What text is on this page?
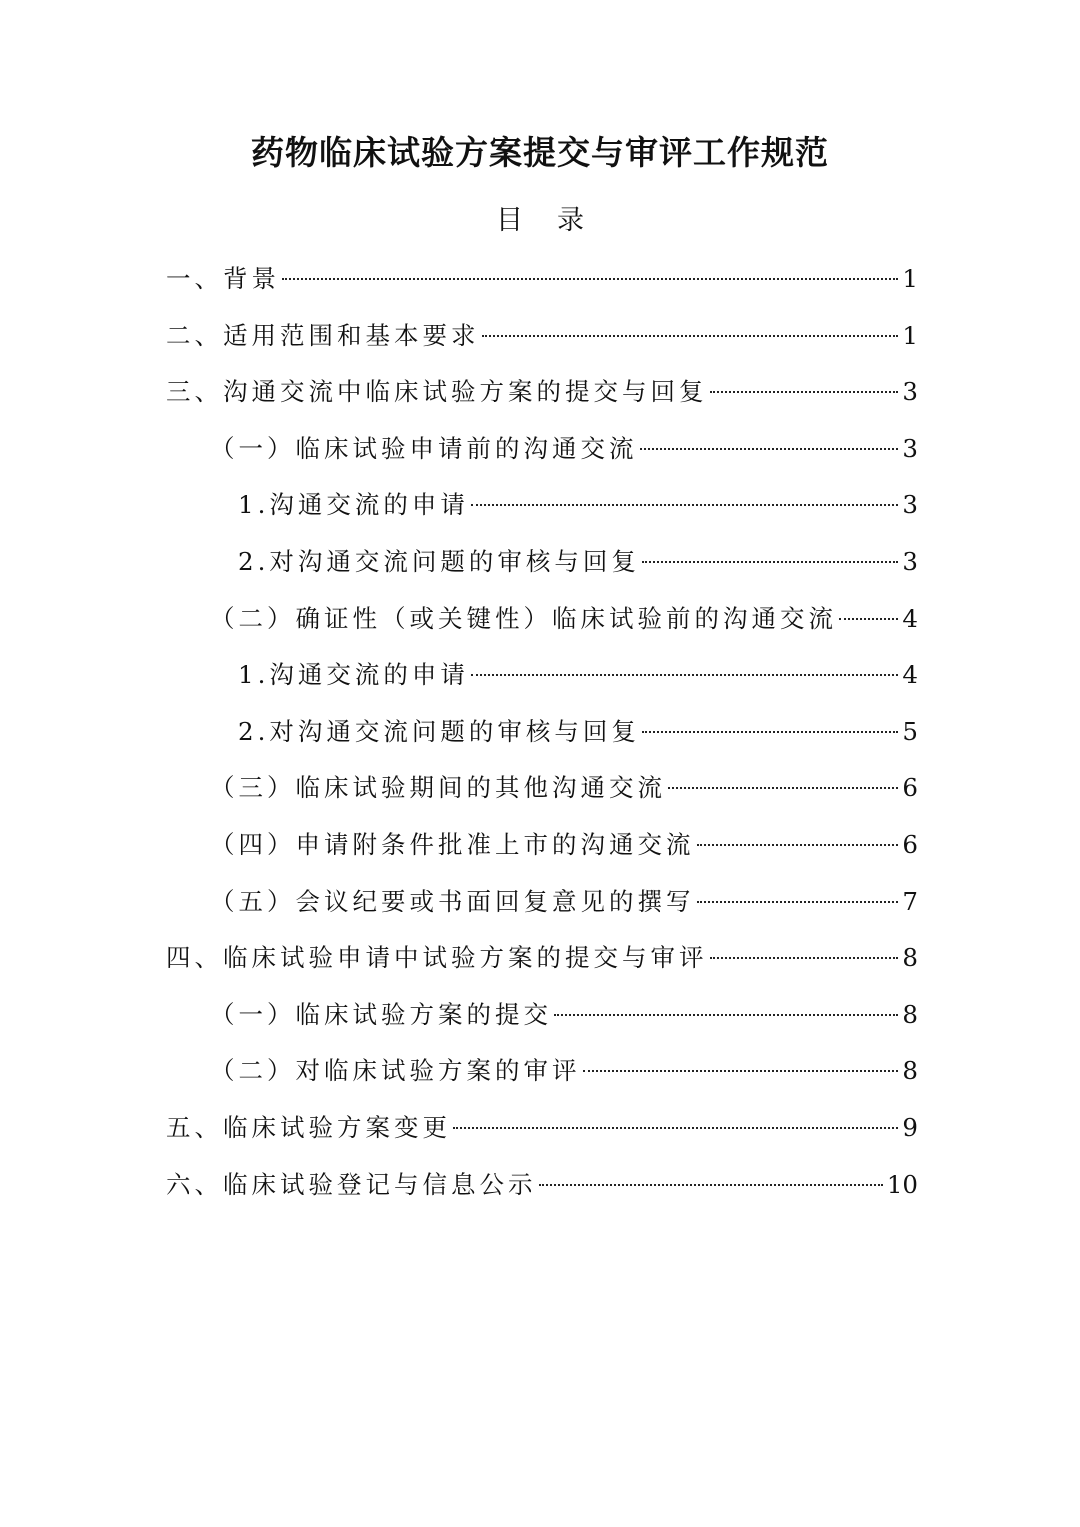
药物临床试验方案提交与审评工作规范
目录
一、背景	1
二、适用范围和基本要求	1
三、沟通交流中临床试验方案的提交与回复	3
（一）临床试验申请前的沟通交流	3
1.沟通交流的申请	3
2.对沟通交流问题的审核与回复	3
（二）确证性（或关键性）临床试验前的沟通交流	4
1.沟通交流的申请	4
2.对沟通交流问题的审核与回复	5
（三）临床试验期间的其他沟通交流	6
（四）申请附条件批准上市的沟通交流	6
（五）会议纪要或书面回复意见的撰写	7
四、临床试验申请中试验方案的提交与审评	8
（一）临床试验方案的提交	8
（二）对临床试验方案的审评	8
五、临床试验方案变更	9
六、临床试验登记与信息公示	10
